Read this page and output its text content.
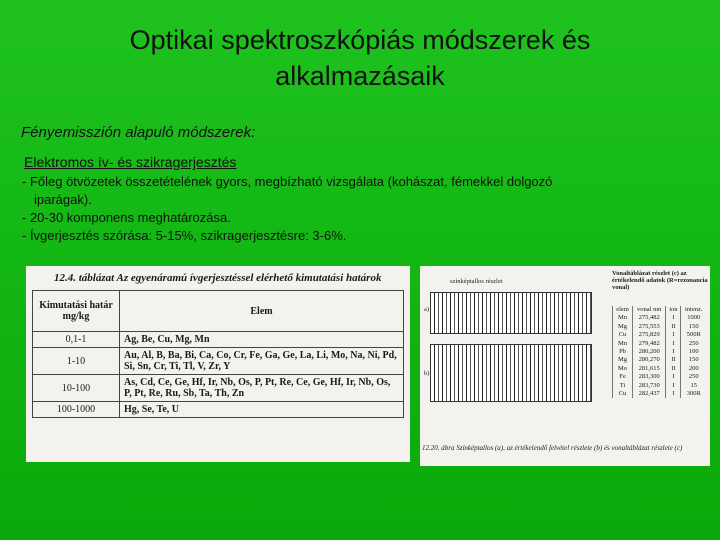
Optikai spektroszkópiás módszerek és
alkalmazásaik
Fényemisszión alapuló módszerek:
Elektromos ív- és szikragerjesztés
- Főleg ötvözetek összetételének gyors, megbízható vizsgálata (kohászat, fémekkel dolgozó
iparágak).
- 20-30 komponens meghatározása.
- Ívgerjesztés szórása: 5-15%, szikragerjesztésre: 3-6%.
12.4. táblázat Az egyenáramú ívgerjesztéssel elérhető kimutatási határok
Kimutatási határ mg/kg	Elem
0,1-1	Ag, Be, Cu, Mg, Mn
1-10	Au, Al, B, Ba, Bi, Ca, Co, Cr, Fe, Ga, Ge, La, Li, Mo, Na, Ni, Pd, Si, Sn, Cr, Ti, Tl, V, Zr, Y
10-100	As, Cd, Ce, Ge, Hf, Ir, Nb, Os, P, Pt, Re, Ce, Ge, Hf, Ir, Nb, Os, P, Pt, Re, Ru, Sb, Ta, Th, Zn
100-1000	Hg, Se, Te, U
színképtallos részlet
a)
b)
Vonaltáblázat részlet (c) az értékelendő adatok (R=rezonancia vonal)
elem	vonal nm	ion	intenz.
Mn	275,482	I	1000
Mg	275,553	II	150
Cu	275,829	I	500R
Mn	279,482	I	250
Pb	280,200	I	100
Mg	280,270	II	150
Mo	281,615	II	200
Fe	283,300	I	250
Ti	283,730	I	15
Cu	282,437	I	300R
12.20. ábra Színképtallos (a), az értékelendő felvétel részlete (b) és vonaltáblázat részlete (c)
